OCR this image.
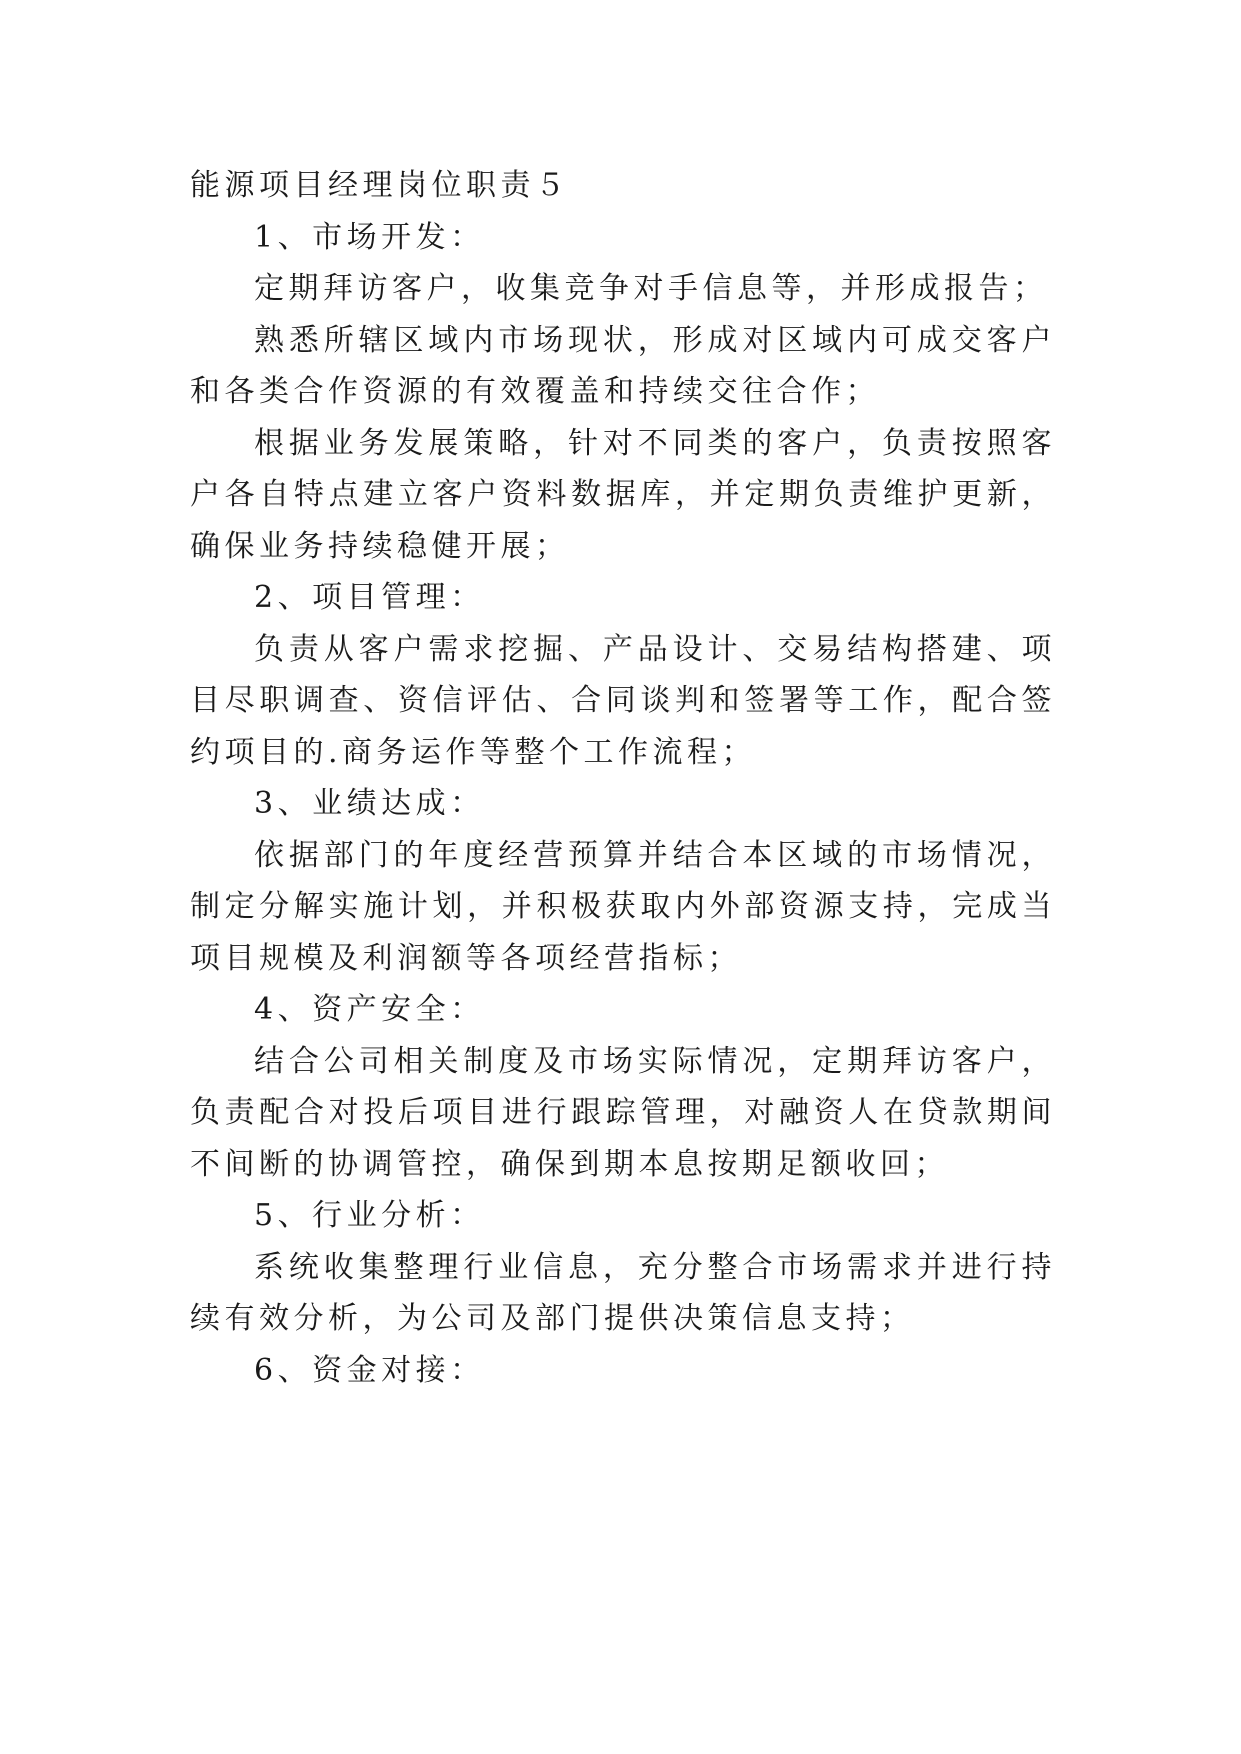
能源项目经理岗位职责５

1、市场开发：

定期拜访客户，收集竞争对手信息等，并形成报告；

熟悉所辖区域内市场现状，形成对区域内可成交客户和各类合作资源的有效覆盖和持续交往合作；

根据业务发展策略，针对不同类的客户，负责按照客户各自特点建立客户资料数据库，并定期负责维护更新，确保业务持续稳健开展；

2、项目管理：

负责从客户需求挖掘、产品设计、交易结构搭建、项目尽职调查、资信评估、合同谈判和签署等工作，配合签约项目的.商务运作等整个工作流程；

3、业绩达成：

依据部门的年度经营预算并结合本区域的市场情况，制定分解实施计划，并积极获取内外部资源支持，完成当项目规模及利润额等各项经营指标；

4、资产安全：

结合公司相关制度及市场实际情况，定期拜访客户，负责配合对投后项目进行跟踪管理，对融资人在贷款期间不间断的协调管控，确保到期本息按期足额收回；

5、行业分析：

系统收集整理行业信息，充分整合市场需求并进行持续有效分析，为公司及部门提供决策信息支持；

6、资金对接：
